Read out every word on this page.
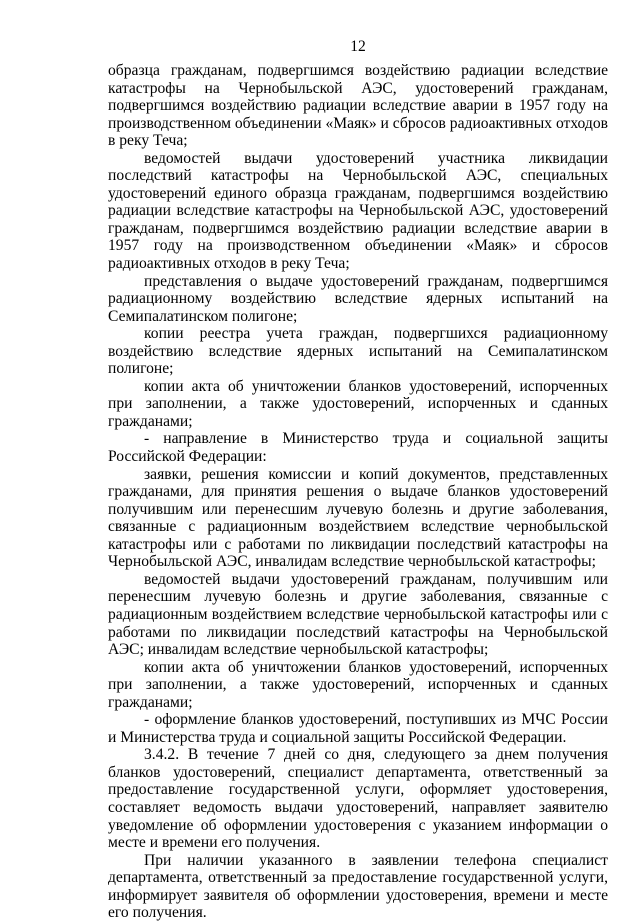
12

образца гражданам, подвергшимся воздействию радиации вследствие катастрофы на Чернобыльской АЭС, удостоверений гражданам, подвергшимся воздействию радиации вследствие аварии в 1957 году на производственном объединении «Маяк» и сбросов радиоактивных отходов в реку Теча;

ведомостей выдачи удостоверений участника ликвидации последствий катастрофы на Чернобыльской АЭС, специальных удостоверений единого образца гражданам, подвергшимся воздействию радиации вследствие катастрофы на Чернобыльской АЭС, удостоверений гражданам, подвергшимся воздействию радиации вследствие аварии в 1957 году на производственном объединении «Маяк» и сбросов радиоактивных отходов в реку Теча;

представления о выдаче удостоверений гражданам, подвергшимся радиационному воздействию вследствие ядерных испытаний на Семипалатинском полигоне;

копии реестра учета граждан, подвергшихся радиационному воздействию вследствие ядерных испытаний на Семипалатинском полигоне;

копии акта об уничтожении бланков удостоверений, испорченных при заполнении, а также удостоверений, испорченных и сданных гражданами;

- направление в Министерство труда и социальной защиты Российской Федерации:

заявки, решения комиссии и копий документов, представленных гражданами, для принятия решения о выдаче бланков удостоверений получившим или перенесшим лучевую болезнь и другие заболевания, связанные с радиационным воздействием вследствие чернобыльской катастрофы или с работами по ликвидации последствий катастрофы на Чернобыльской АЭС, инвалидам вследствие чернобыльской катастрофы;

ведомостей выдачи удостоверений гражданам, получившим или перенесшим лучевую болезнь и другие заболевания, связанные с радиационным воздействием вследствие чернобыльской катастрофы или с работами по ликвидации последствий катастрофы на Чернобыльской АЭС; инвалидам вследствие чернобыльской катастрофы;

копии акта об уничтожении бланков удостоверений, испорченных при заполнении, а также удостоверений, испорченных и сданных гражданами;

- оформление бланков удостоверений, поступивших из МЧС России и Министерства труда и социальной защиты Российской Федерации.

3.4.2. В течение 7 дней со дня, следующего за днем получения бланков удостоверений, специалист департамента, ответственный за предоставление государственной услуги, оформляет удостоверения, составляет ведомость выдачи удостоверений, направляет заявителю уведомление об оформлении удостоверения с указанием информации о месте и времени его получения.

При наличии указанного в заявлении телефона специалист департамента, ответственный за предоставление государственной услуги, информирует заявителя об оформлении удостоверения, времени и месте его получения.
